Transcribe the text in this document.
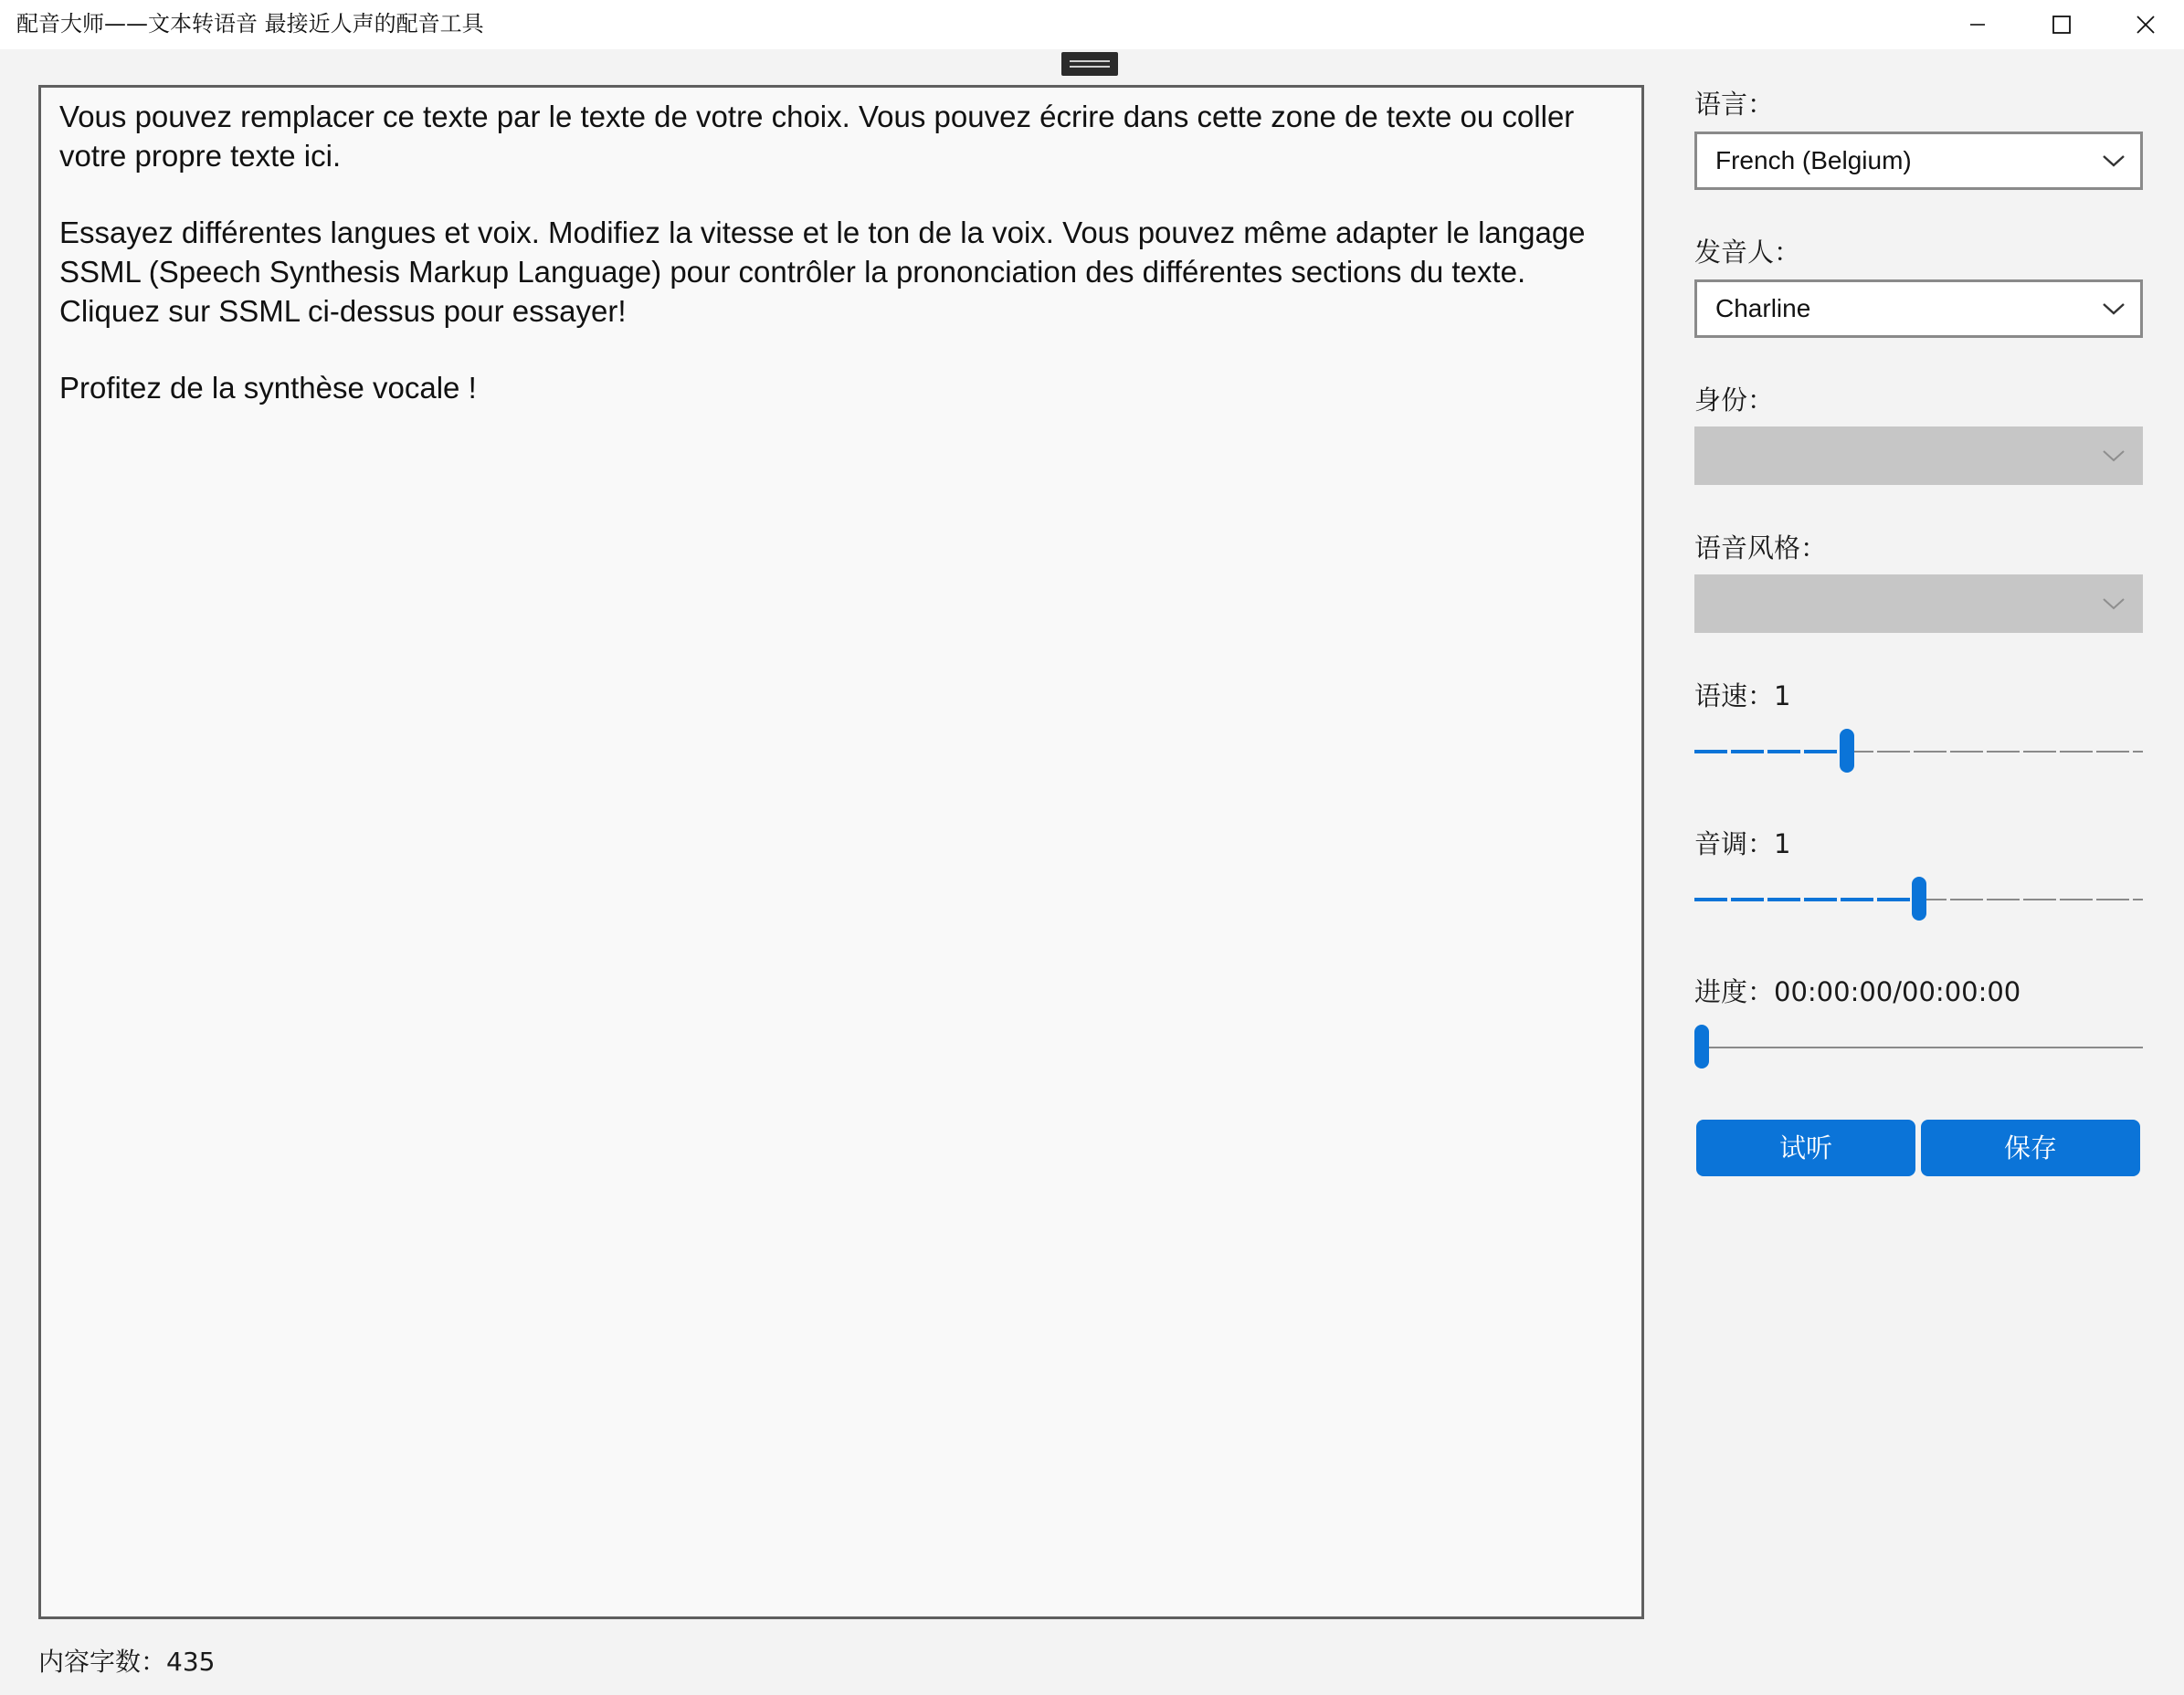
配音大师——文本转语音 最接近人声的配音工具

Vous pouvez remplacer ce texte par le texte de votre choix. Vous pouvez écrire dans cette zone de texte ou coller votre propre texte ici.

Essayez différentes langues et voix. Modifiez la vitesse et le ton de la voix. Vous pouvez même adapter le langage SSML (Speech Synthesis Markup Language) pour contrôler la prononciation des différentes sections du texte. Cliquez sur SSML ci-dessus pour essayer!

Profitez de la synthèse vocale !

内容字数：435
语言：
French (Belgium)
发音人：
Charline
身份：
语音风格：
语速：1
音调：1
进度：00:00:00/00:00:00
试听	保存
